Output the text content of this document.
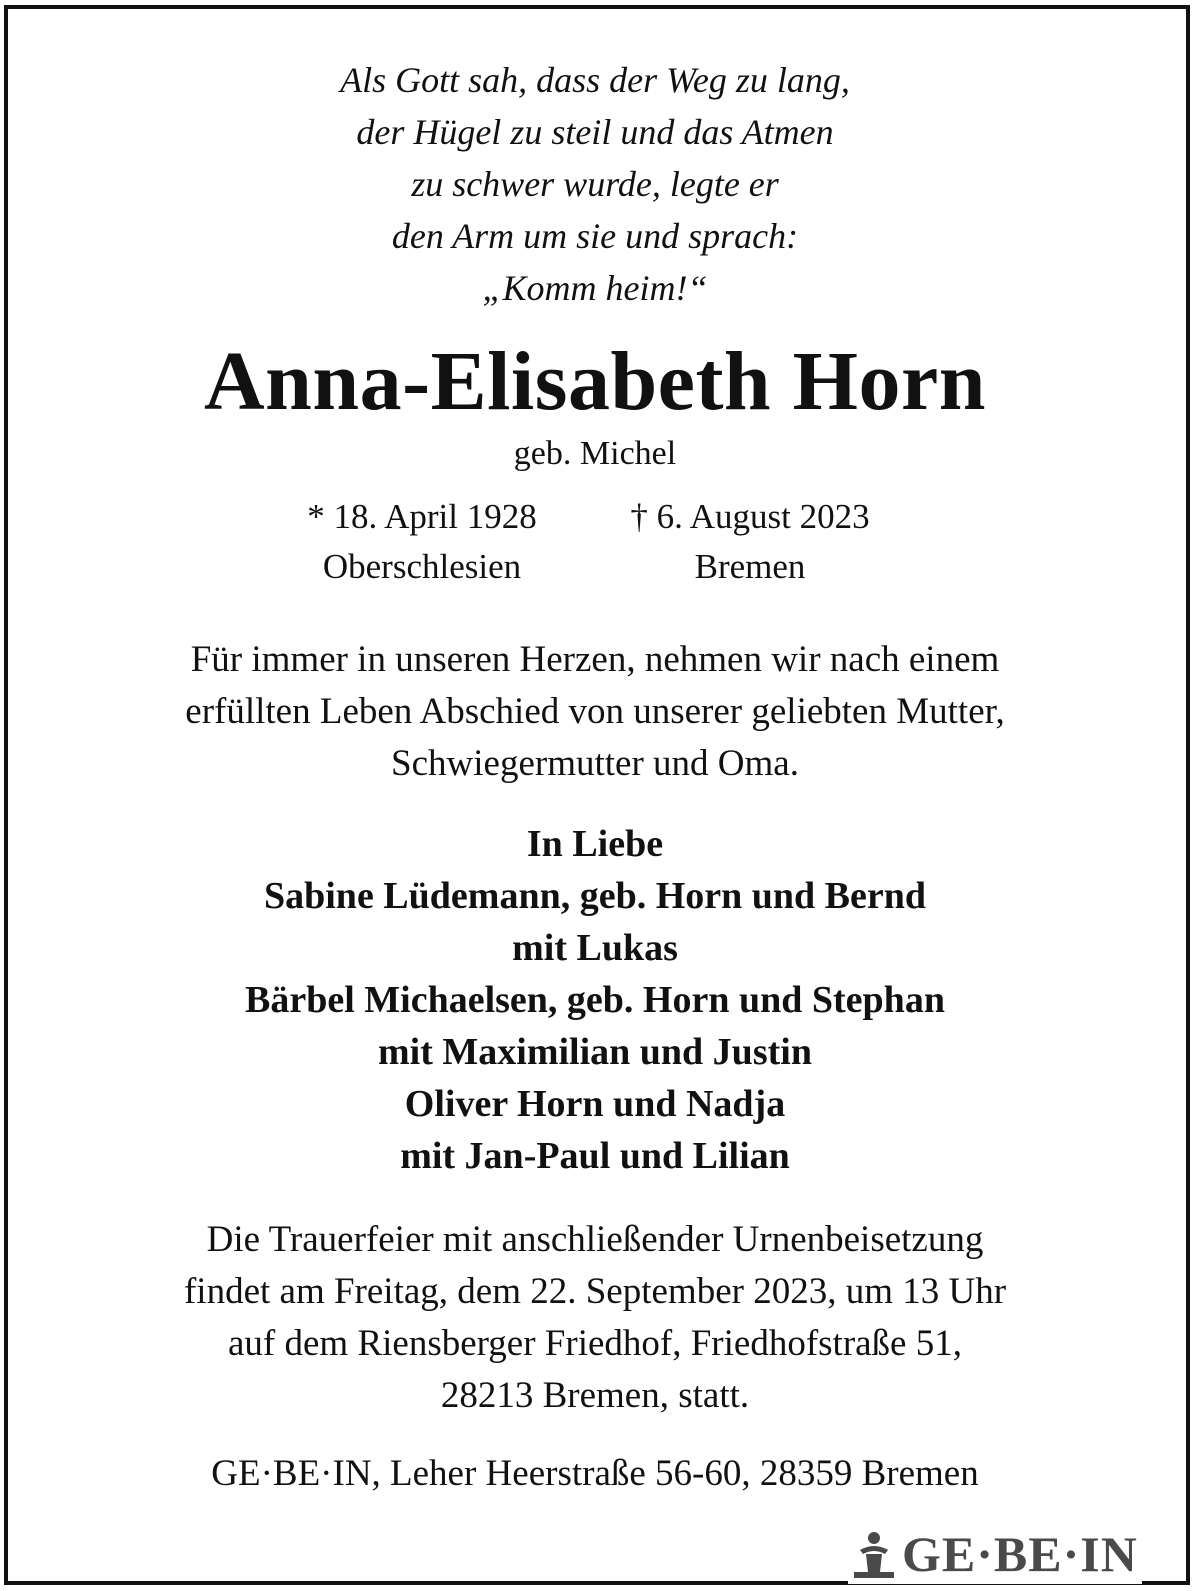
Als Gott sah, dass der Weg zu lang,
der Hügel zu steil und das Atmen
zu schwer wurde, legte er
den Arm um sie und sprach:
„Komm heim!“
Anna-Elisabeth Horn
geb. Michel
* 18. April 1928
Oberschlesien
† 6. August 2023
Bremen
Für immer in unseren Herzen, nehmen wir nach einem
erfüllten Leben Abschied von unserer geliebten Mutter,
Schwiegermutter und Oma.
In Liebe
Sabine Lüdemann, geb. Horn und Bernd
mit Lukas
Bärbel Michaelsen, geb. Horn und Stephan
mit Maximilian und Justin
Oliver Horn und Nadja
mit Jan-Paul und Lilian
Die Trauerfeier mit anschließender Urnenbeisetzung
findet am Freitag, dem 22. September 2023, um 13 Uhr
auf dem Riensberger Friedhof, Friedhofstraße 51,
28213 Bremen, statt.
GE·BE·IN, Leher Heerstraße 56-60, 28359 Bremen
GE·BE·IN
